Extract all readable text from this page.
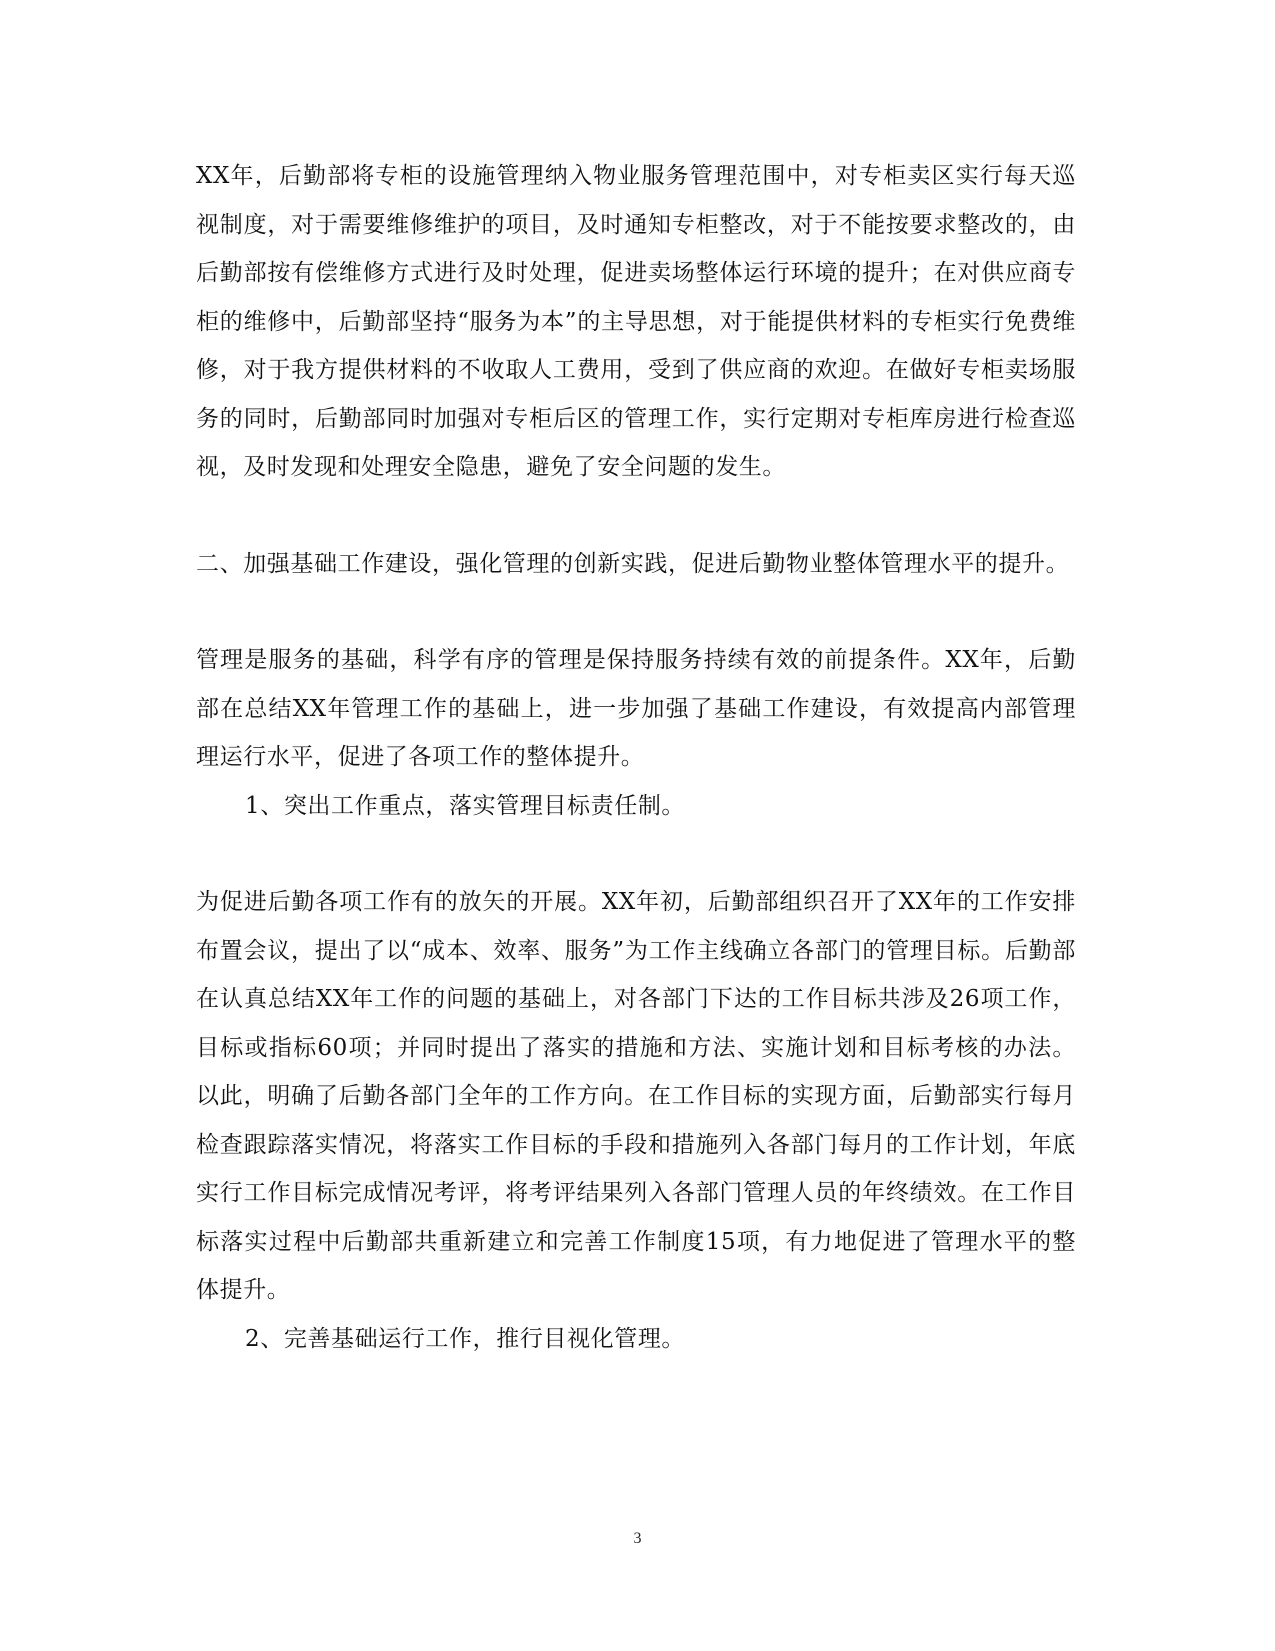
XX年，后勤部将专柜的设施管理纳入物业服务管理范围中，对专柜卖区实行每天巡视制度，对于需要维修维护的项目，及时通知专柜整改，对于不能按要求整改的，由后勤部按有偿维修方式进行及时处理，促进卖场整体运行环境的提升；在对供应商专柜的维修中，后勤部坚持“服务为本”的主导思想，对于能提供材料的专柜实行免费维修，对于我方提供材料的不收取人工费用，受到了供应商的欢迎。在做好专柜卖场服务的同时，后勤部同时加强对专柜后区的管理工作，实行定期对专柜库房进行检查巡视，及时发现和处理安全隐患，避免了安全问题的发生。

二、加强基础工作建设，强化管理的创新实践，促进后勤物业整体管理水平的提升。

管理是服务的基础，科学有序的管理是保持服务持续有效的前提条件。XX年，后勤部在总结XX年管理工作的基础上，进一步加强了基础工作建设，有效提高内部管理理运行水平，促进了各项工作的整体提升。

1、突出工作重点，落实管理目标责任制。

为促进后勤各项工作有的放矢的开展。XX年初，后勤部组织召开了XX年的工作安排布置会议，提出了以“成本、效率、服务”为工作主线确立各部门的管理目标。后勤部在认真总结XX年工作的问题的基础上，对各部门下达的工作目标共涉及26项工作，目标或指标60项；并同时提出了落实的措施和方法、实施计划和目标考核的办法。以此，明确了后勤各部门全年的工作方向。在工作目标的实现方面，后勤部实行每月检查跟踪落实情况，将落实工作目标的手段和措施列入各部门每月的工作计划，年底实行工作目标完成情况考评，将考评结果列入各部门管理人员的年终绩效。在工作目标落实过程中后勤部共重新建立和完善工作制度15项，有力地促进了管理水平的整体提升。

2、完善基础运行工作，推行目视化管理。

3
